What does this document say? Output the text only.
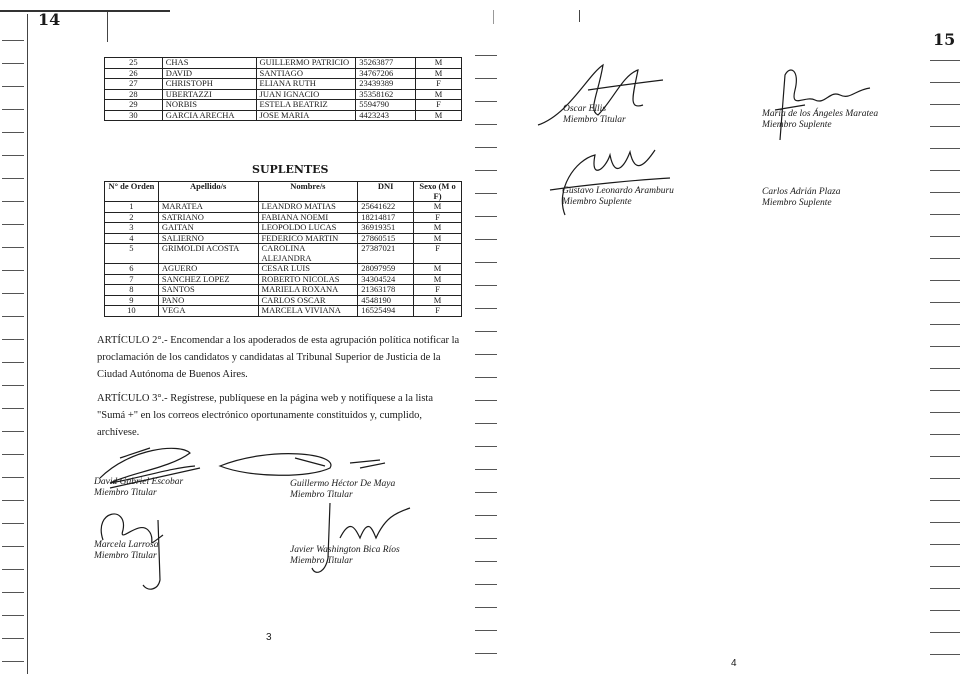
14
25	CHAS	GUILLERMO PATRICIO	35263877	M
26	DAVID	SANTIAGO	34767206	M
27	CHRISTOPH	ELIANA RUTH	23439389	F
28	UBERTAZZI	JUAN IGNACIO	35358162	M
29	NORBIS	ESTELA BEATRIZ	5594790	F
30	GARCIA ARECHA	JOSE MARIA	4423243	M
SUPLENTES
N° de Orden	Apellido/s	Nombre/s	DNI	Sexo (M o F)
1	MARATEA	LEANDRO MATIAS	25641622	M
2	SATRIANO	FABIANA NOEMI	18214817	F
3	GAITAN	LEOPOLDO LUCAS	36919351	M
4	SALIERNO	FEDERICO MARTIN	27860515	M
5	GRIMOLDI ACOSTA	CAROLINA ALEJANDRA	27387021	F
6	AGUERO	CESAR LUIS	28097959	M
7	SANCHEZ LOPEZ	ROBERTO NICOLAS	34304524	M
8	SANTOS	MARIELA ROXANA	21363178	F
9	PANO	CARLOS OSCAR	4548190	M
10	VEGA	MARCELA VIVIANA	16525494	F
ARTÍCULO 2°.- Encomendar a los apoderados de esta agrupación política notificar la proclamación de los candidatos y candidatas al Tribunal Superior de Justicia de la Ciudad Autónoma de Buenos Aires.
ARTÍCULO 3°.- Regístrese, publíquese en la página web y notifíquese a la lista "Sumá +" en los correos electrónico oportunamente constituidos y, cumplido, archívese.
David Gabriel Escobar
Miembro Titular
Guillermo Héctor De Maya
Miembro Titular
Marcela Larrosa
Miembro Titular
Javier Washington Bica Ríos
Miembro Titular
3
15
Oscar Ellis
Miembro Titular
María de los Ángeles Maratea
Miembro Suplente
Gustavo Leonardo Aramburu
Miembro Suplente
Carlos Adrián Plaza
Miembro Suplente
4
